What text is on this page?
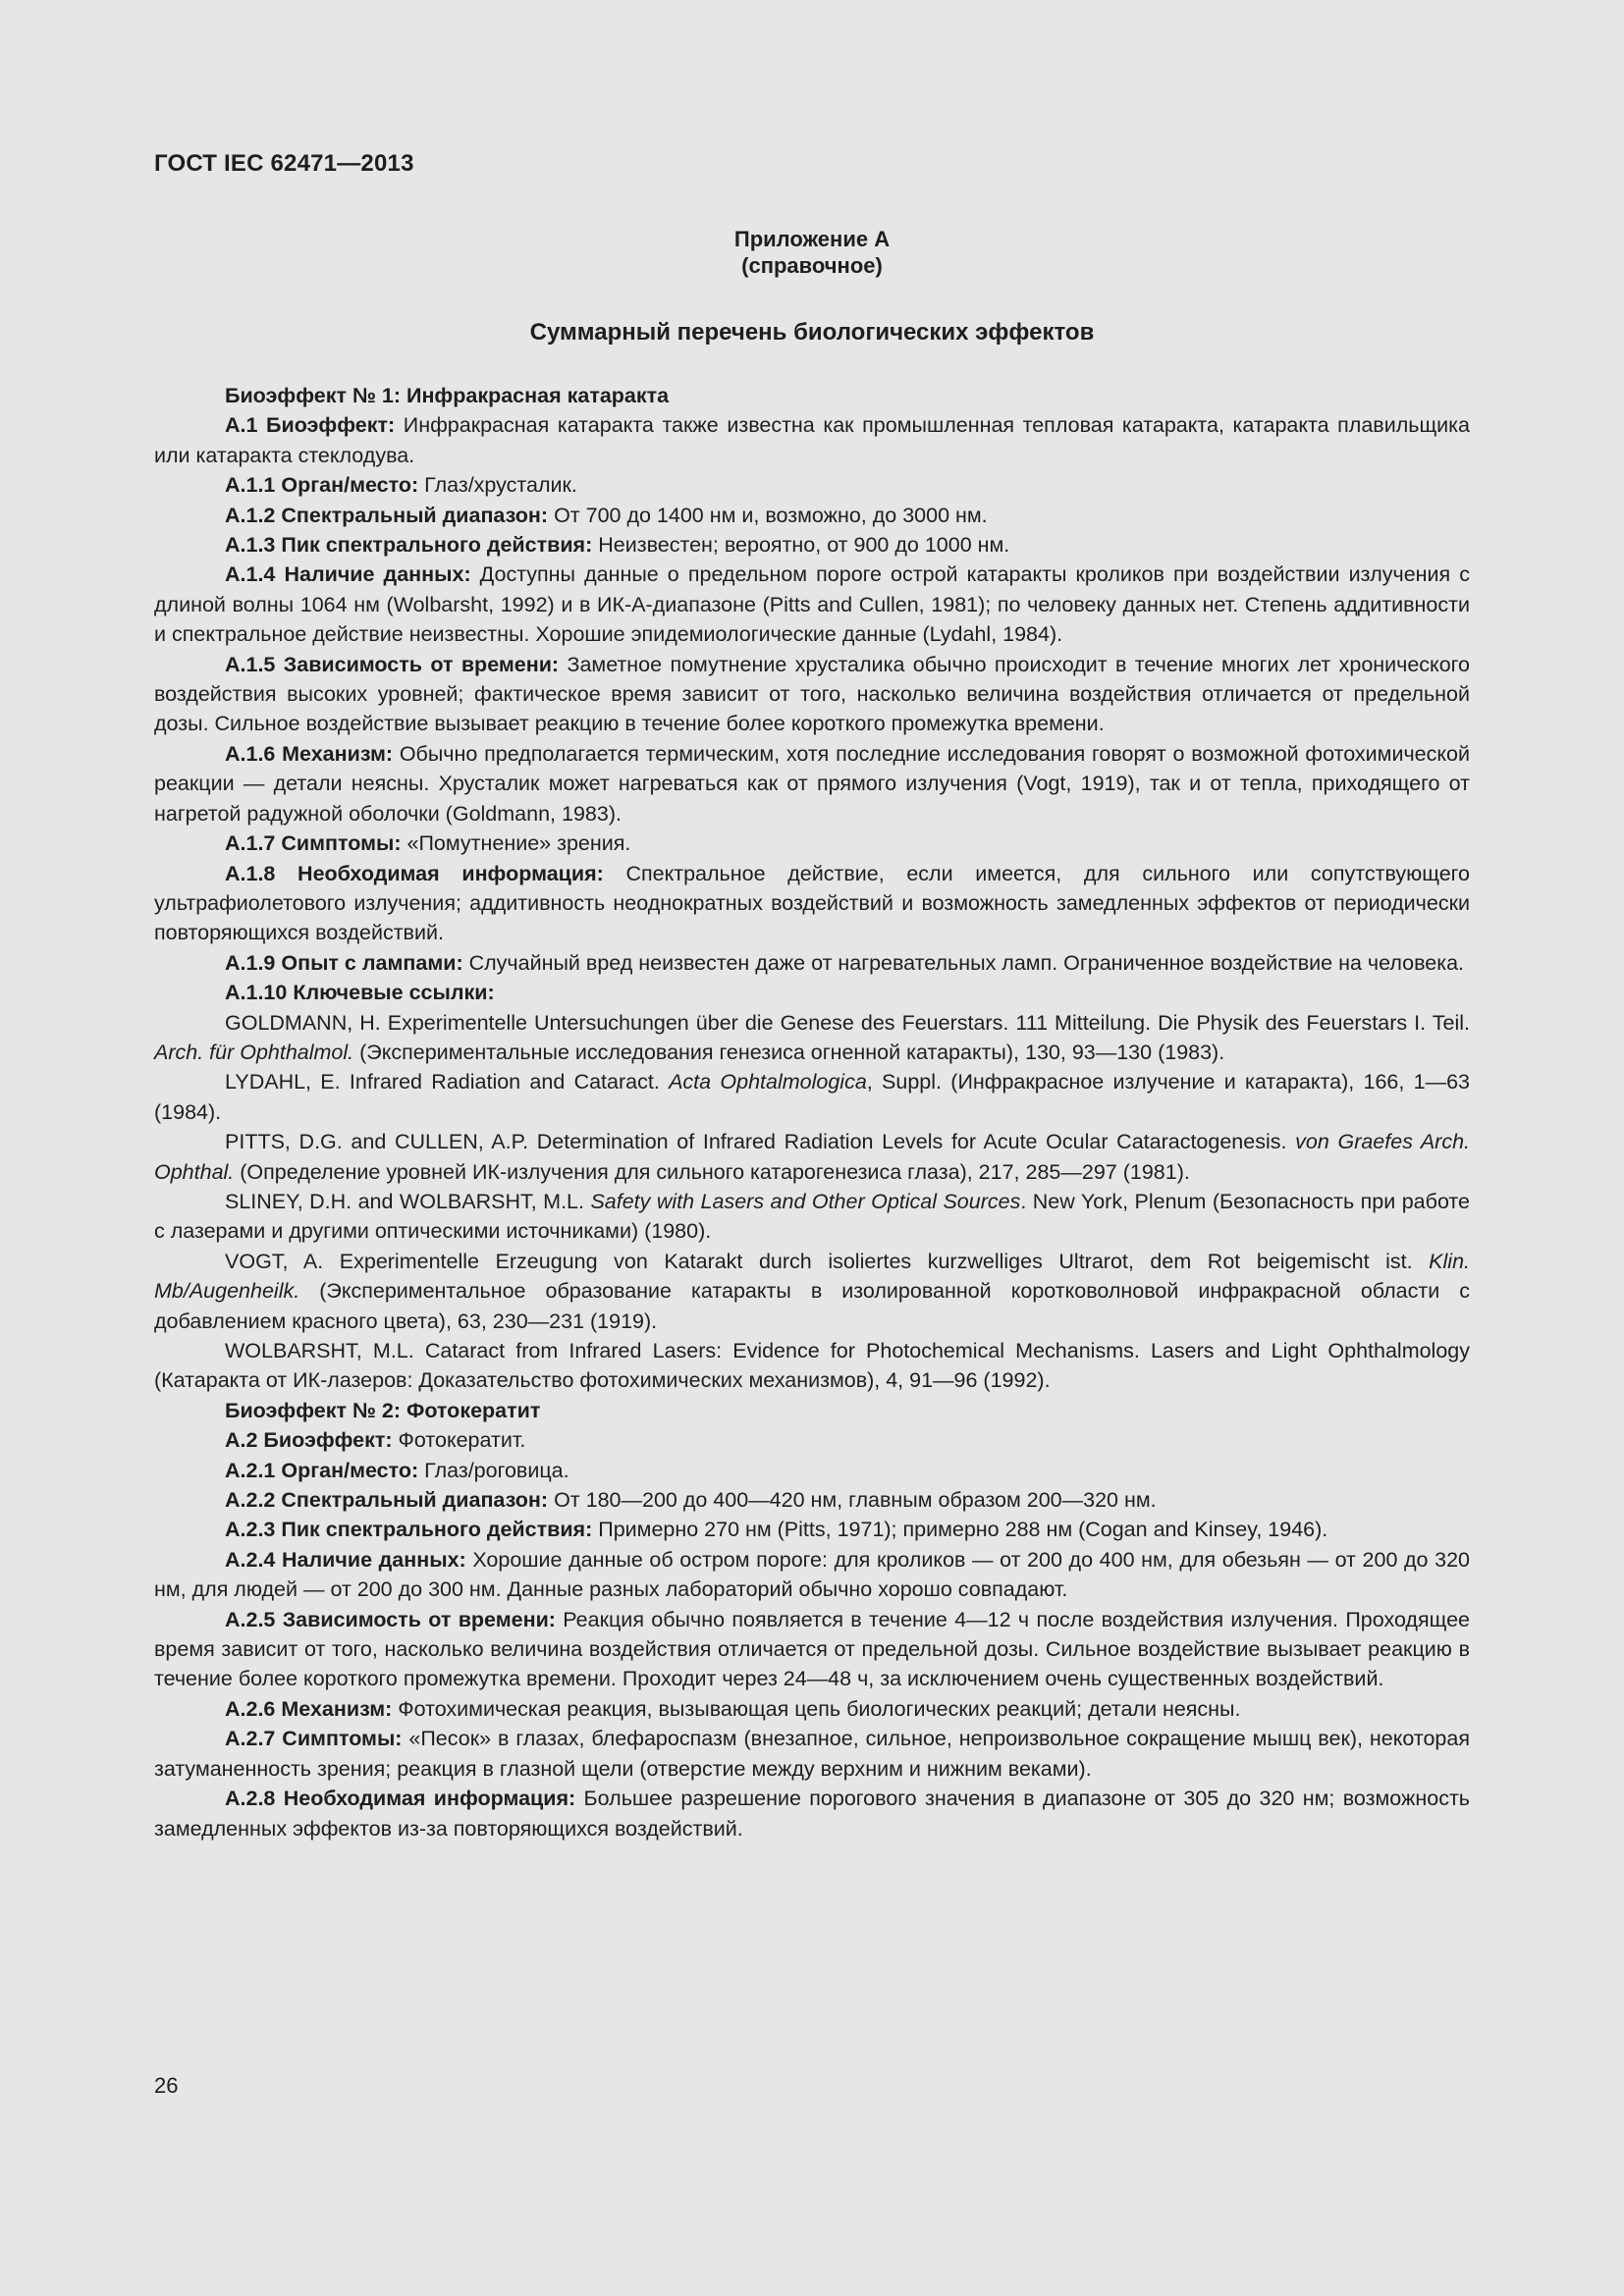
ГОСТ IEC 62471—2013
Приложение А
(справочное)
Суммарный перечень биологических эффектов

Биоэффект № 1: Инфракрасная катаракта

А.1 Биоэффект: Инфракрасная катаракта также известна как промышленная тепловая катаракта, катаракта плавильщика или катаракта стеклодува.

А.1.1 Орган/место: Глаз/хрусталик.

А.1.2 Спектральный диапазон: От 700 до 1400 нм и, возможно, до 3000 нм.

А.1.3 Пик спектрального действия: Неизвестен; вероятно, от 900 до 1000 нм.

А.1.4 Наличие данных: Доступны данные о предельном пороге острой катаракты кроликов при воздействии излучения с длиной волны 1064 нм (Wolbarsht, 1992) и в ИК-А-диапазоне (Pitts and Cullen, 1981); по человеку данных нет. Степень аддитивности и спектральное действие неизвестны. Хорошие эпидемиологические данные (Lydahl, 1984).

А.1.5 Зависимость от времени: Заметное помутнение хрусталика обычно происходит в течение многих лет хронического воздействия высоких уровней; фактическое время зависит от того, насколько величина воздействия отличается от предельной дозы. Сильное воздействие вызывает реакцию в течение более короткого промежутка времени.

А.1.6 Механизм: Обычно предполагается термическим, хотя последние исследования говорят о возможной фотохимической реакции — детали неясны. Хрусталик может нагреваться как от прямого излучения (Vogt, 1919), так и от тепла, приходящего от нагретой радужной оболочки (Goldmann, 1983).

А.1.7 Симптомы: «Помутнение» зрения.

А.1.8 Необходимая информация: Спектральное действие, если имеется, для сильного или сопутствующего ультрафиолетового излучения; аддитивность неоднократных воздействий и возможность замедленных эффектов от периодически повторяющихся воздействий.

А.1.9 Опыт с лампами: Случайный вред неизвестен даже от нагревательных ламп. Ограниченное воздействие на человека.

А.1.10 Ключевые ссылки:

GOLDMANN, H. Experimentelle Untersuchungen über die Genese des Feuerstars. 111 Mitteilung. Die Physik des Feuerstars I. Teil. Arch. für Ophthalmol. (Экспериментальные исследования генезиса огненной катаракты), 130, 93—130 (1983).

LYDAHL, E. Infrared Radiation and Cataract. Acta Ophtalmologica, Suppl. (Инфракрасное излучение и катаракта), 166, 1—63 (1984).

PITTS, D.G. and CULLEN, A.P. Determination of Infrared Radiation Levels for Acute Ocular Cataractogenesis. von Graefes Arch. Ophthal. (Определение уровней ИК-излучения для сильного катарогенезиса глаза), 217, 285—297 (1981).

SLINEY, D.H. and WOLBARSHT, M.L. Safety with Lasers and Other Optical Sources. New York, Plenum (Безопасность при работе с лазерами и другими оптическими источниками) (1980).

VOGT, A. Experimentelle Erzeugung von Katarakt durch isoliertes kurzwelliges Ultrarot, dem Rot beigemischt ist. Klin. Mb/Augenheilk. (Экспериментальное образование катаракты в изолированной коротковолновой инфракрасной области с добавлением красного цвета), 63, 230—231 (1919).

WOLBARSHT, M.L. Cataract from Infrared Lasers: Evidence for Photochemical Mechanisms. Lasers and Light Ophthalmology (Катаракта от ИК-лазеров: Доказательство фотохимических механизмов), 4, 91—96 (1992).

Биоэффект № 2: Фотокератит

А.2 Биоэффект: Фотокератит.

А.2.1 Орган/место: Глаз/роговица.

А.2.2 Спектральный диапазон: От 180—200 до 400—420 нм, главным образом 200—320 нм.

А.2.3 Пик спектрального действия: Примерно 270 нм (Pitts, 1971); примерно 288 нм (Cogan and Kinsey, 1946).

А.2.4 Наличие данных: Хорошие данные об остром пороге: для кроликов — от 200 до 400 нм, для обезьян — от 200 до 320 нм, для людей — от 200 до 300 нм. Данные разных лабораторий обычно хорошо совпадают.

А.2.5 Зависимость от времени: Реакция обычно появляется в течение 4—12 ч после воздействия излучения. Проходящее время зависит от того, насколько величина воздействия отличается от предельной дозы. Сильное воздействие вызывает реакцию в течение более короткого промежутка времени. Проходит через 24—48 ч, за исключением очень существенных воздействий.

А.2.6 Механизм: Фотохимическая реакция, вызывающая цепь биологических реакций; детали неясны.

А.2.7 Симптомы: «Песок» в глазах, блефароспазм (внезапное, сильное, непроизвольное сокращение мышц век), некоторая затуманенность зрения; реакция в глазной щели (отверстие между верхним и нижним веками).

А.2.8 Необходимая информация: Большее разрешение порогового значения в диапазоне от 305 до 320 нм; возможность замедленных эффектов из-за повторяющихся воздействий.

26
